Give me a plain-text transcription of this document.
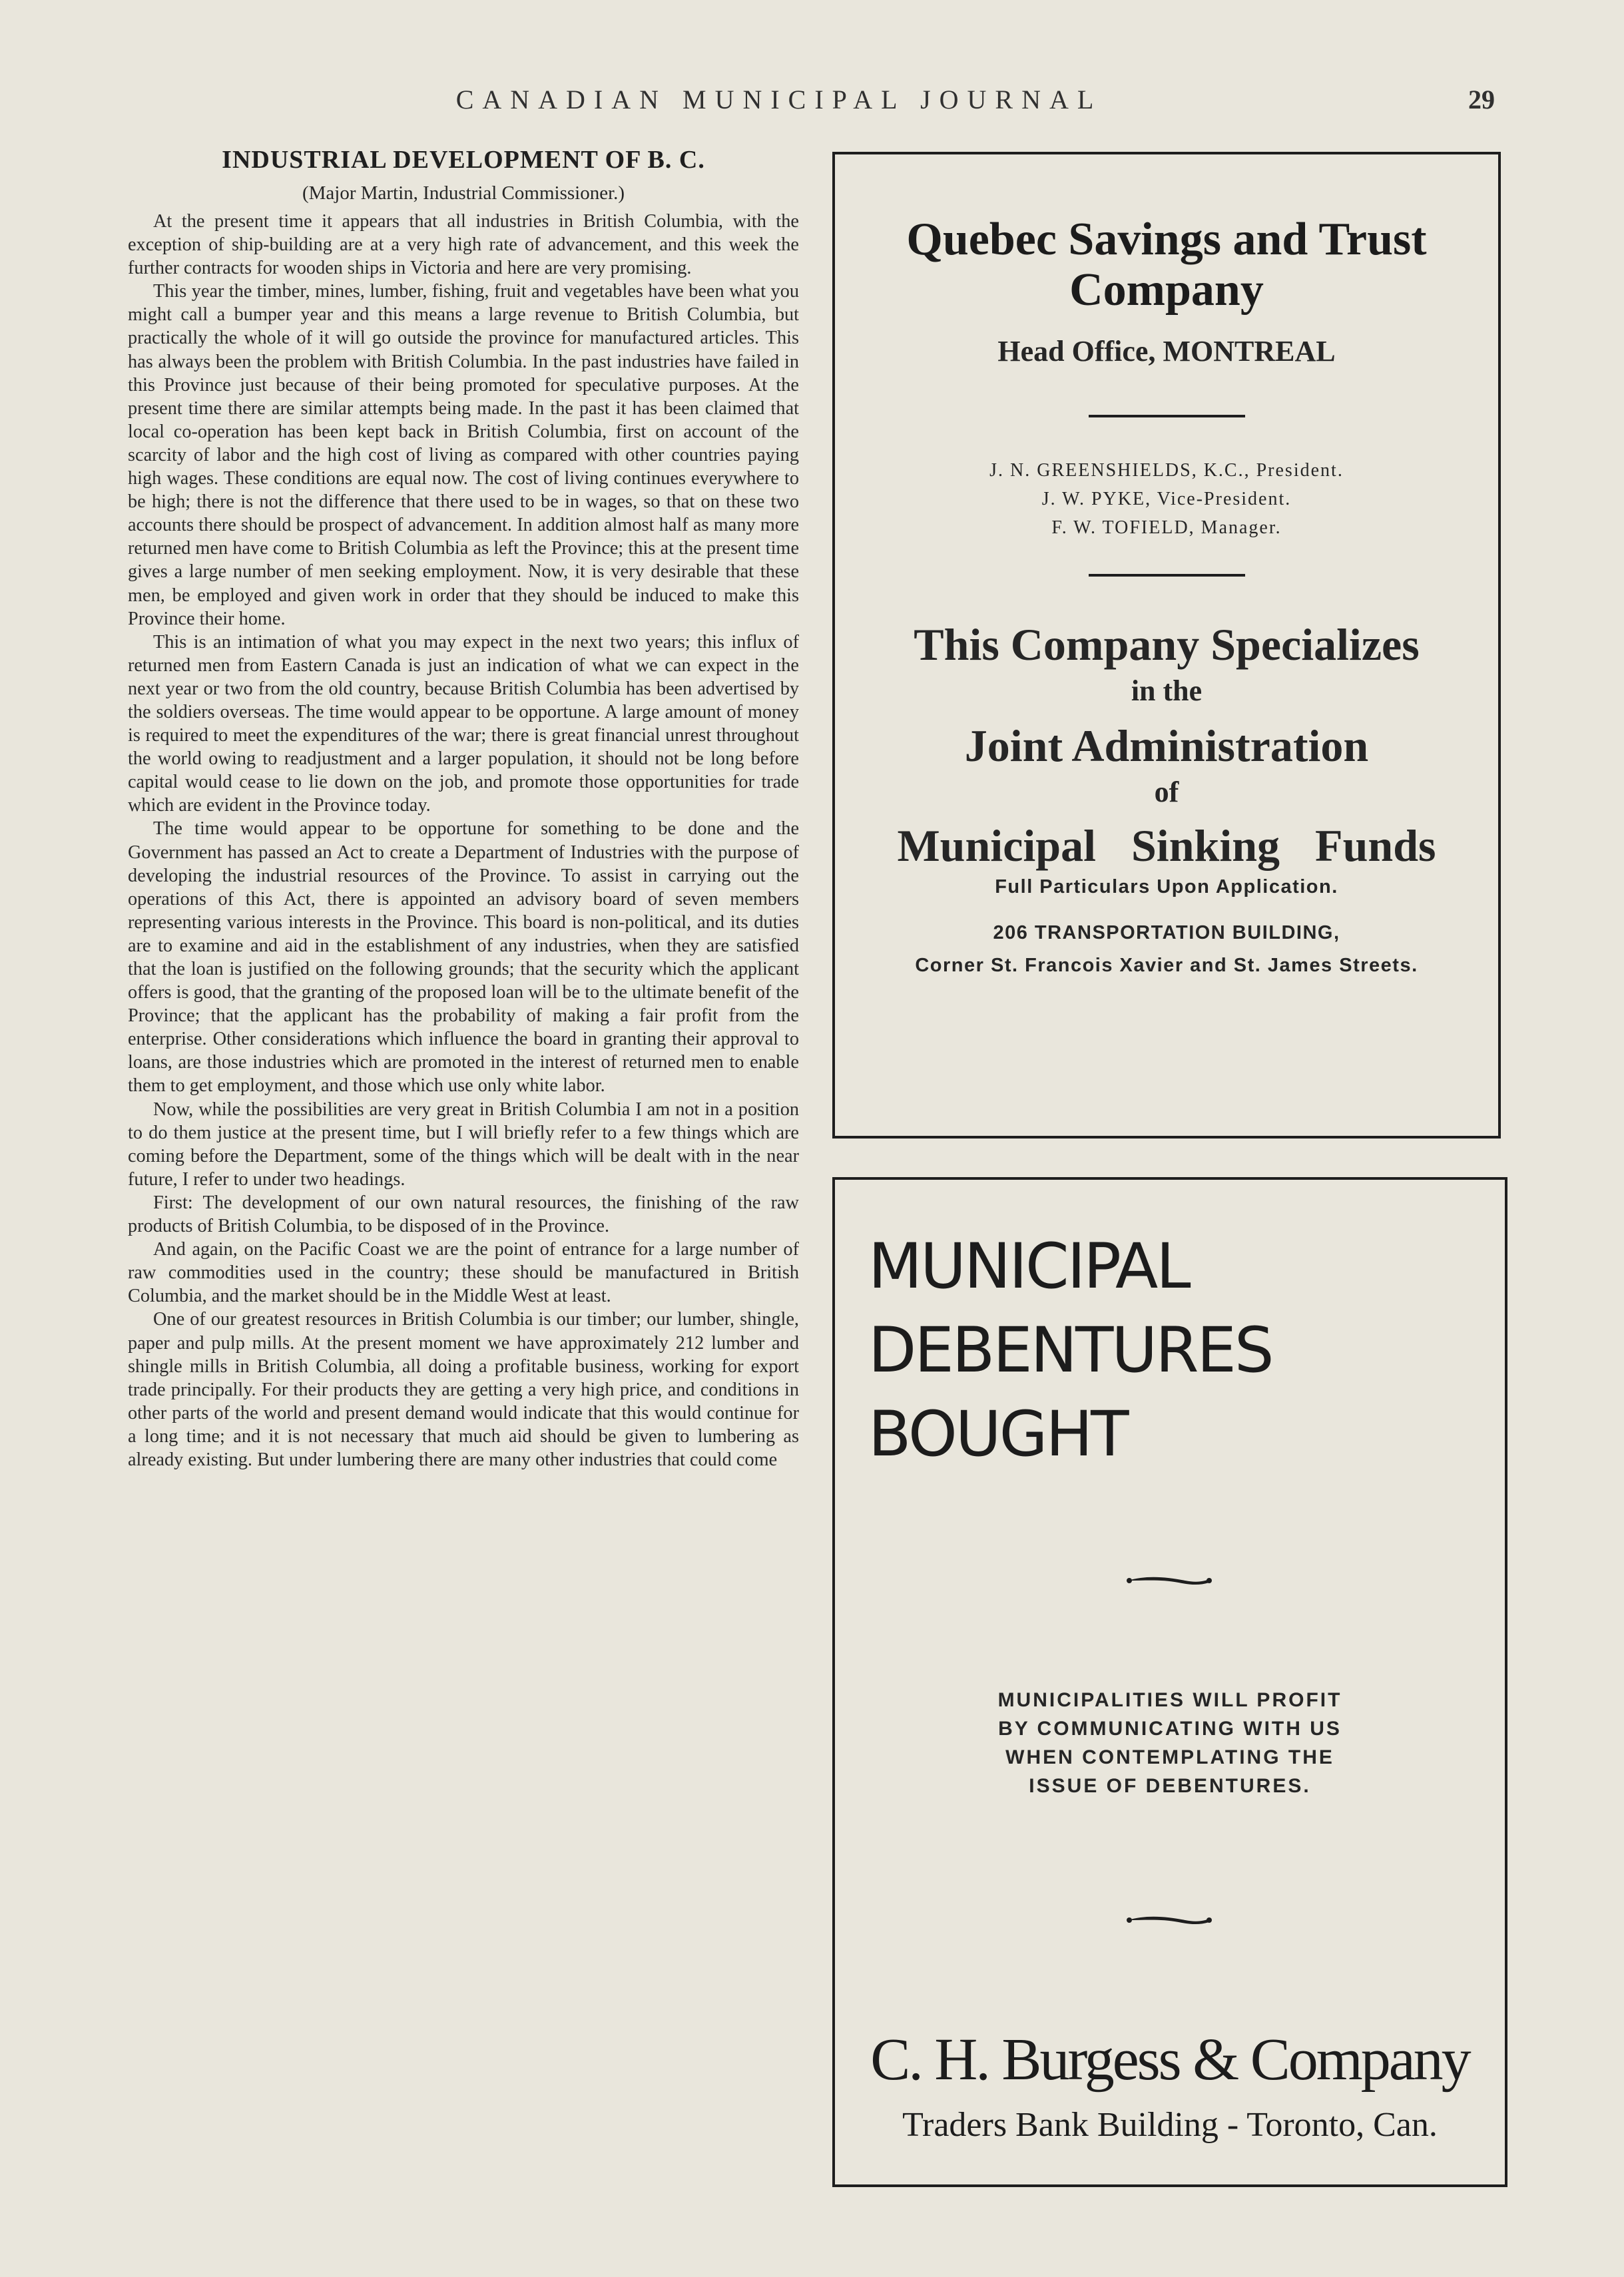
CANADIAN MUNICIPAL JOURNAL	29
INDUSTRIAL DEVELOPMENT OF B. C.
(Major Martin, Industrial Commissioner.)

At the present time it appears that all industries in British Columbia, with the exception of ship-building are at a very high rate of advancement, and this week the further contracts for wooden ships in Victoria and here are very promising.

This year the timber, mines, lumber, fishing, fruit and vegetables have been what you might call a bumper year and this means a large revenue to British Columbia, but practically the whole of it will go outside the province for manufactured articles. This has always been the problem with British Columbia. In the past industries have failed in this Province just because of their being promoted for speculative purposes. At the present time there are similar attempts being made. In the past it has been claimed that local co-operation has been kept back in British Columbia, first on account of the scarcity of labor and the high cost of living as compared with other countries paying high wages. These conditions are equal now. The cost of living continues everywhere to be high; there is not the difference that there used to be in wages, so that on these two accounts there should be prospect of advancement. In addition almost half as many more returned men have come to British Columbia as left the Province; this at the present time gives a large number of men seeking employment. Now, it is very desirable that these men, be employed and given work in order that they should be induced to make this Province their home.

This is an intimation of what you may expect in the next two years; this influx of returned men from Eastern Canada is just an indication of what we can expect in the next year or two from the old country, because British Columbia has been advertised by the soldiers overseas. The time would appear to be opportune. A large amount of money is required to meet the expenditures of the war; there is great financial unrest throughout the world owing to readjustment and a larger population, it should not be long before capital would cease to lie down on the job, and promote those opportunities for trade which are evident in the Province today.

The time would appear to be opportune for something to be done and the Government has passed an Act to create a Department of Industries with the purpose of developing the industrial resources of the Province. To assist in carrying out the operations of this Act, there is appointed an advisory board of seven members representing various interests in the Province. This board is non-political, and its duties are to examine and aid in the establishment of any industries, when they are satisfied that the loan is justified on the following grounds; that the security which the applicant offers is good, that the granting of the proposed loan will be to the ultimate benefit of the Province; that the applicant has the probability of making a fair profit from the enterprise. Other considerations which influence the board in granting their approval to loans, are those industries which are promoted in the interest of returned men to enable them to get employment, and those which use only white labor.

Now, while the possibilities are very great in British Columbia I am not in a position to do them justice at the present time, but I will briefly refer to a few things which are coming before the Department, some of the things which will be dealt with in the near future, I refer to under two headings.

First: The development of our own natural resources, the finishing of the raw products of British Columbia, to be disposed of in the Province.

And again, on the Pacific Coast we are the point of entrance for a large number of raw commodities used in the country; these should be manufactured in British Columbia, and the market should be in the Middle West at least.

One of our greatest resources in British Columbia is our timber; our lumber, shingle, paper and pulp mills. At the present moment we have approximately 212 lumber and shingle mills in British Columbia, all doing a profitable business, working for export trade principally. For their products they are getting a very high price, and conditions in other parts of the world and present demand would indicate that this would continue for a long time; and it is not necessary that much aid should be given to lumbering as already existing. But under lumbering there are many other industries that could come

Quebec Savings and Trust
Company
Head Office, MONTREAL
J. N. GREENSHIELDS, K.C., President.
J. W. PYKE, Vice-President.
F. W. TOFIELD, Manager.
This Company Specializes
in the
Joint Administration
of
Municipal Sinking Funds
Full Particulars Upon Application.
206 TRANSPORTATION BUILDING,
Corner St. Francois Xavier and St. James Streets.
MUNICIPAL
DEBENTURES
BOUGHT
MUNICIPALITIES WILL PROFIT
BY COMMUNICATING WITH US
WHEN CONTEMPLATING THE
ISSUE OF DEBENTURES.
C. H. Burgess & Company
Traders Bank Building - Toronto, Can.
